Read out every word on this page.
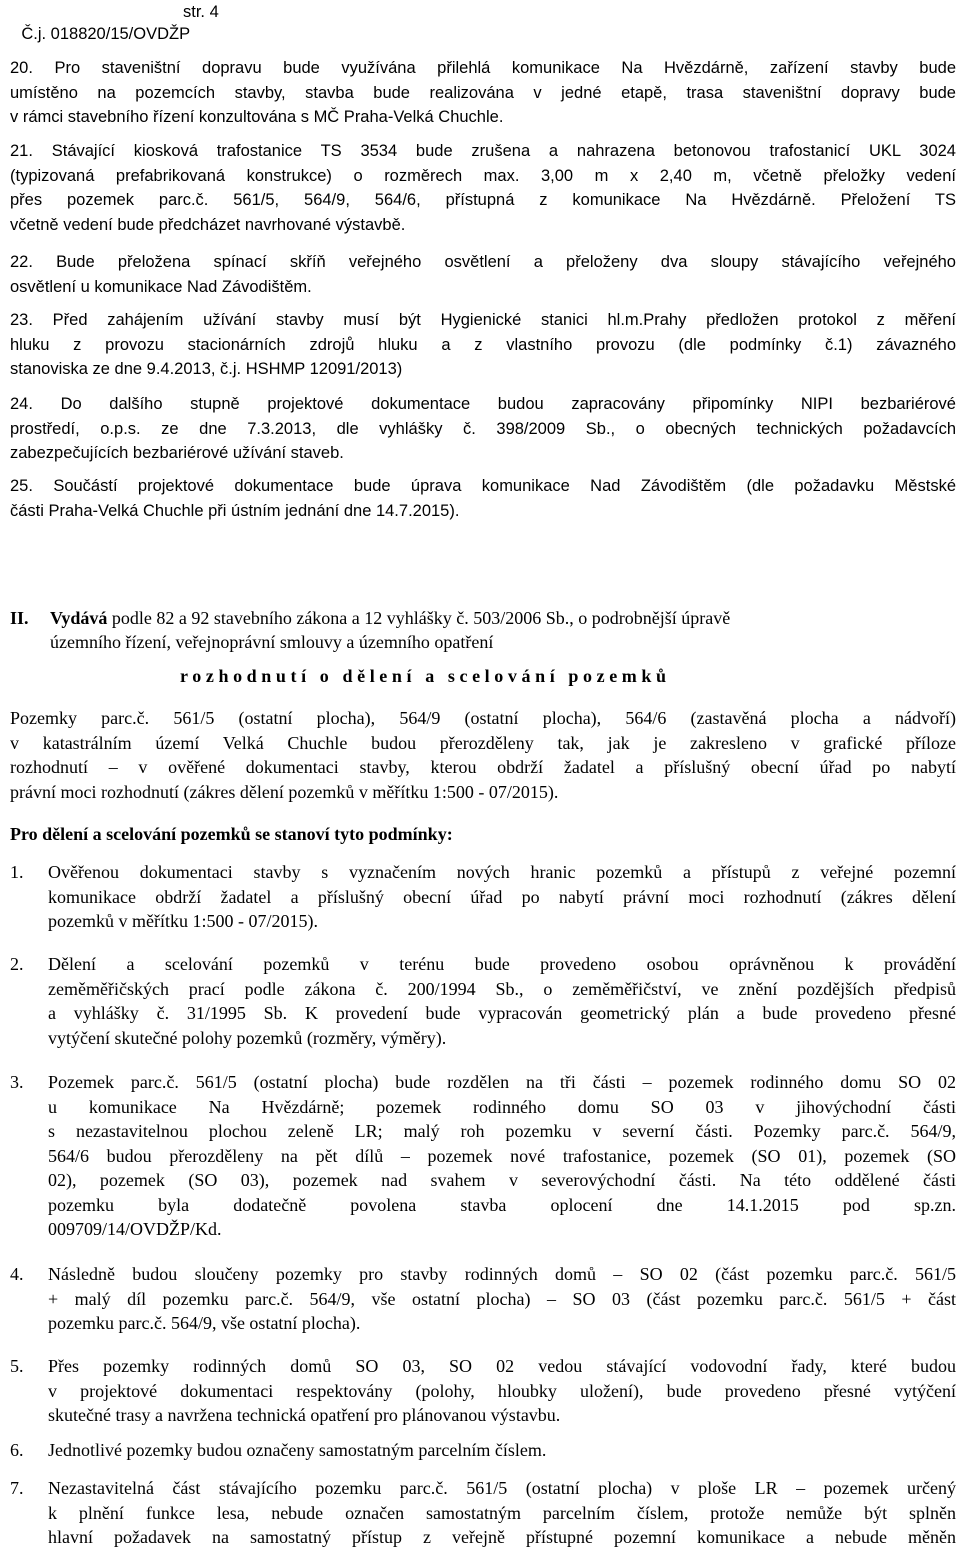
Č.j. 018820/15/OVDŽP

str. 4

20. Pro staveništní dopravu bude využívána přilehlá komunikace Na Hvězdárně, zařízení stavby bude
umístěno na pozemcích stavby, stavba bude realizována v jedné etapě, trasa staveništní dopravy bude
v rámci stavebního řízení konzultována s MČ Praha-Velká Chuchle.
21. Stávající kiosková trafostanice TS 3534 bude zrušena a nahrazena betonovou trafostanicí UKL 3024
(typizovaná prefabrikovaná konstrukce) o rozměrech max. 3,00 m x 2,40 m, včetně přeložky vedení
přes pozemek parc.č. 561/5, 564/9, 564/6, přístupná z komunikace Na Hvězdárně. Přeložení TS
včetně vedení bude předcházet navrhované výstavbě.
22. Bude přeložena spínací skříň veřejného osvětlení a přeloženy dva sloupy stávajícího veřejného
osvětlení u komunikace Nad Závodištěm.
23. Před zahájením užívání stavby musí být Hygienické stanici hl.m.Prahy předložen protokol z měření
hluku z provozu stacionárních zdrojů hluku a z vlastního provozu (dle podmínky č.1) závazného
stanoviska ze dne 9.4.2013, č.j. HSHMP 12091/2013)
24. Do dalšího stupně projektové dokumentace budou zapracovány připomínky NIPI bezbariérové
prostředí, o.p.s. ze dne 7.3.2013, dle vyhlášky č. 398/2009 Sb., o obecných technických požadavcích
zabezpečujících bezbariérové užívání staveb.
25. Součástí projektové dokumentace bude úprava komunikace Nad Závodištěm (dle požadavku Městské
části Praha-Velká Chuchle při ústním jednání dne 14.7.2015).
II. Vydává podle 82 a 92 stavebního zákona a 12 vyhlášky č. 503/2006 Sb., o podrobnější úpravě
územního řízení, veřejnoprávní smlouvy a územního opatření
rozhodnutí o dělení a scelování pozemků
Pozemky parc.č. 561/5 (ostatní plocha), 564/9 (ostatní plocha), 564/6 (zastavěná plocha a nádvoří)
v katastrálním území Velká Chuchle budou přerozděleny tak, jak je zakresleno v grafické příloze
rozhodnutí – v ověřené dokumentaci stavby, kterou obdrží žadatel a příslušný obecní úřad po nabytí
právní moci rozhodnutí (zákres dělení pozemků v měřítku 1:500 - 07/2015).
Pro dělení a scelování pozemků se stanoví tyto podmínky:
1. Ověřenou dokumentaci stavby s vyznačením nových hranic pozemků a přístupů z veřejné pozemní
komunikace obdrží žadatel a příslušný obecní úřad po nabytí právní moci rozhodnutí (zákres dělení
pozemků v měřítku 1:500 - 07/2015).
2. Dělení a scelování pozemků v terénu bude provedeno osobou oprávněnou k provádění
zeměměřičských prací podle zákona č. 200/1994 Sb., o zeměměřičství, ve znění pozdějších předpisů
a vyhlášky č. 31/1995 Sb. K provedení bude vypracován geometrický plán a bude provedeno přesné
vytýčení skutečné polohy pozemků (rozměry, výměry).
3. Pozemek parc.č. 561/5 (ostatní plocha) bude rozdělen na tři části – pozemek rodinného domu SO 02
u komunikace Na Hvězdárně; pozemek rodinného domu SO 03 v jihovýchodní části
s nezastavitelnou plochou zeleně LR; malý roh pozemku v severní části. Pozemky parc.č. 564/9,
564/6 budou přerozděleny na pět dílů – pozemek nové trafostanice, pozemek (SO 01), pozemek (SO
02), pozemek (SO 03), pozemek nad svahem v severovýchodní části. Na této oddělené části
pozemku byla dodatečně povolena stavba oplocení dne 14.1.2015 pod sp.zn.
009709/14/OVDŽP/Kd.
4. Následně budou sloučeny pozemky pro stavby rodinných domů – SO 02 (část pozemku parc.č. 561/5
+ malý díl pozemku parc.č. 564/9, vše ostatní plocha) – SO 03 (část pozemku parc.č. 561/5 + část
pozemku parc.č. 564/9, vše ostatní plocha).
5. Přes pozemky rodinných domů SO 03, SO 02 vedou stávající vodovodní řady, které budou
v projektové dokumentaci respektovány (polohy, hloubky uložení), bude provedeno přesné vytýčení
skutečné trasy a navržena technická opatření pro plánovanou výstavbu.
6. Jednotlivé pozemky budou označeny samostatným parcelním číslem.
7. Nezastavitelná část stávajícího pozemku parc.č. 561/5 (ostatní plocha) v ploše LR – pozemek určený
k plnění funkce lesa, nebude označen samostatným parcelním číslem, protože nemůže být splněn
hlavní požadavek na samostatný přístup z veřejně přístupné pozemní komunikace a nebude měněn
